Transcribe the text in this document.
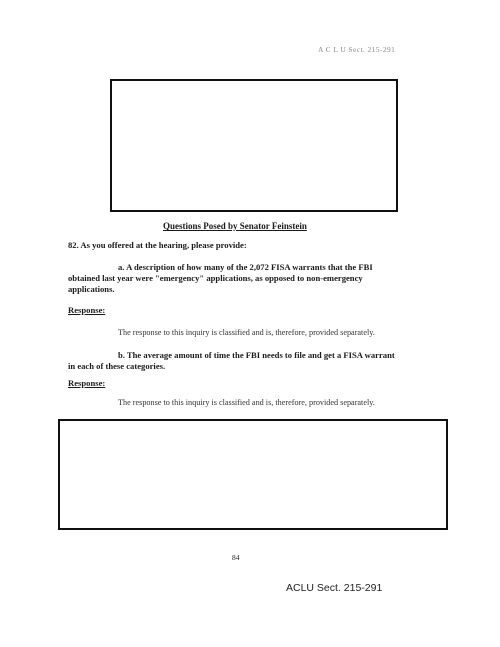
A C L U Sect. 215-291
Questions Posed by Senator Feinstein
82. As you offered at the hearing, please provide:
a. A description of how many of the 2,072 FISA warrants that the FBI
obtained last year were "emergency" applications, as opposed to non-emergency
applications.
Response:
The response to this inquiry is classified and is, therefore, provided separately.
b. The average amount of time the FBI needs to file and get a FISA warrant
in each of these categories.
Response:
The response to this inquiry is classified and is, therefore, provided separately.
84
ACLU Sect. 215-291
